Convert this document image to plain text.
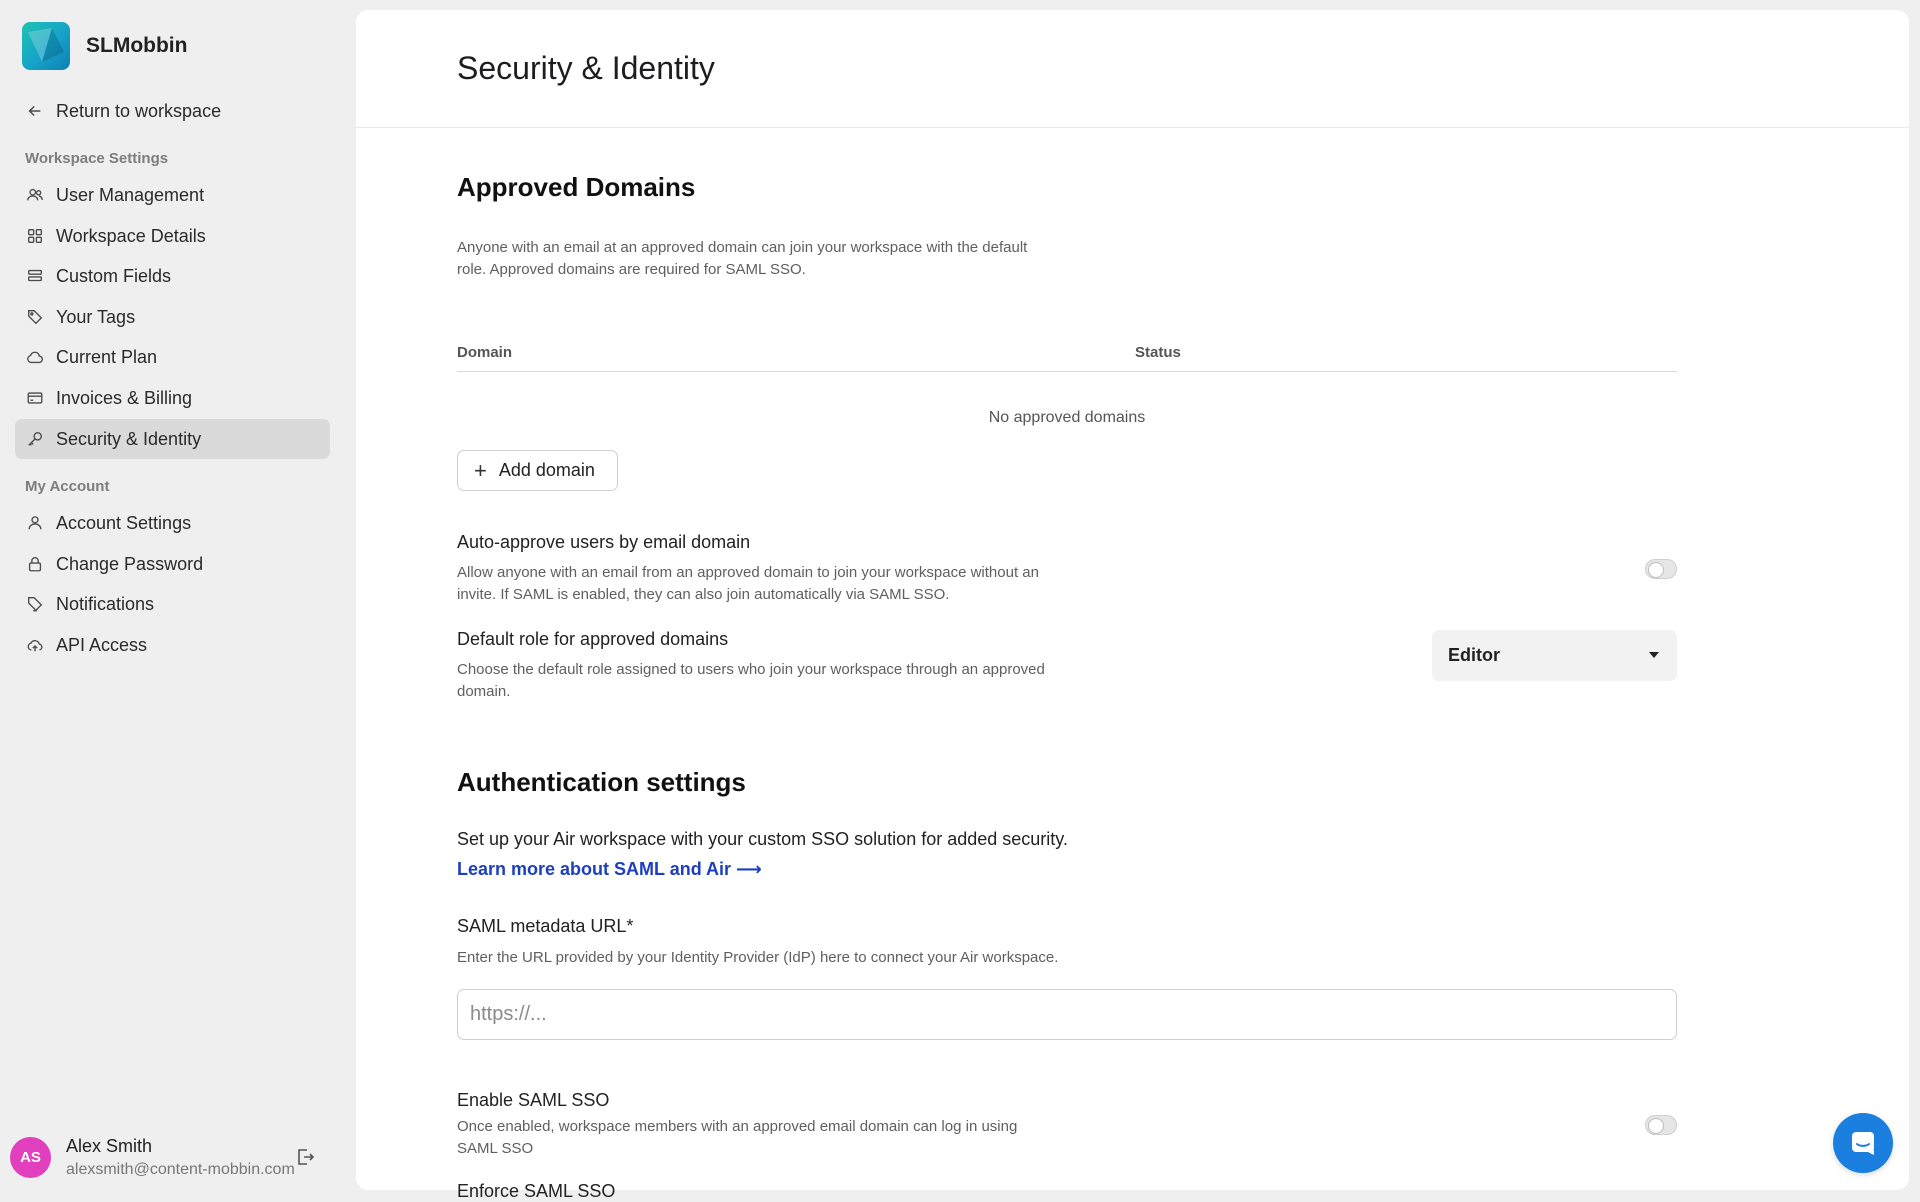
SLMobbin
Return to workspace
Workspace Settings
User Management
Workspace Details
Custom Fields
Your Tags
Current Plan
Invoices & Billing
Security & Identity
My Account
Account Settings
Change Password
Notifications
API Access
AS
Alex Smith
alexsmith@content-mobbin.com
Security & Identity
Approved Domains
Anyone with an email at an approved domain can join your workspace with the default
role. Approved domains are required for SAML SSO.
Domain	Status
No approved domains
+ Add domain
Auto-approve users by email domain
Allow anyone with an email from an approved domain to join your workspace without an
invite. If SAML is enabled, they can also join automatically via SAML SSO.
Default role for approved domains
Choose the default role assigned to users who join your workspace through an approved
domain.
Editor
Authentication settings
Set up your Air workspace with your custom SSO solution for added security.
Learn more about SAML and Air ⟶
SAML metadata URL*
Enter the URL provided by your Identity Provider (IdP) here to connect your Air workspace.
https://...
Enable SAML SSO
Once enabled, workspace members with an approved email domain can log in using
SAML SSO
Enforce SAML SSO
